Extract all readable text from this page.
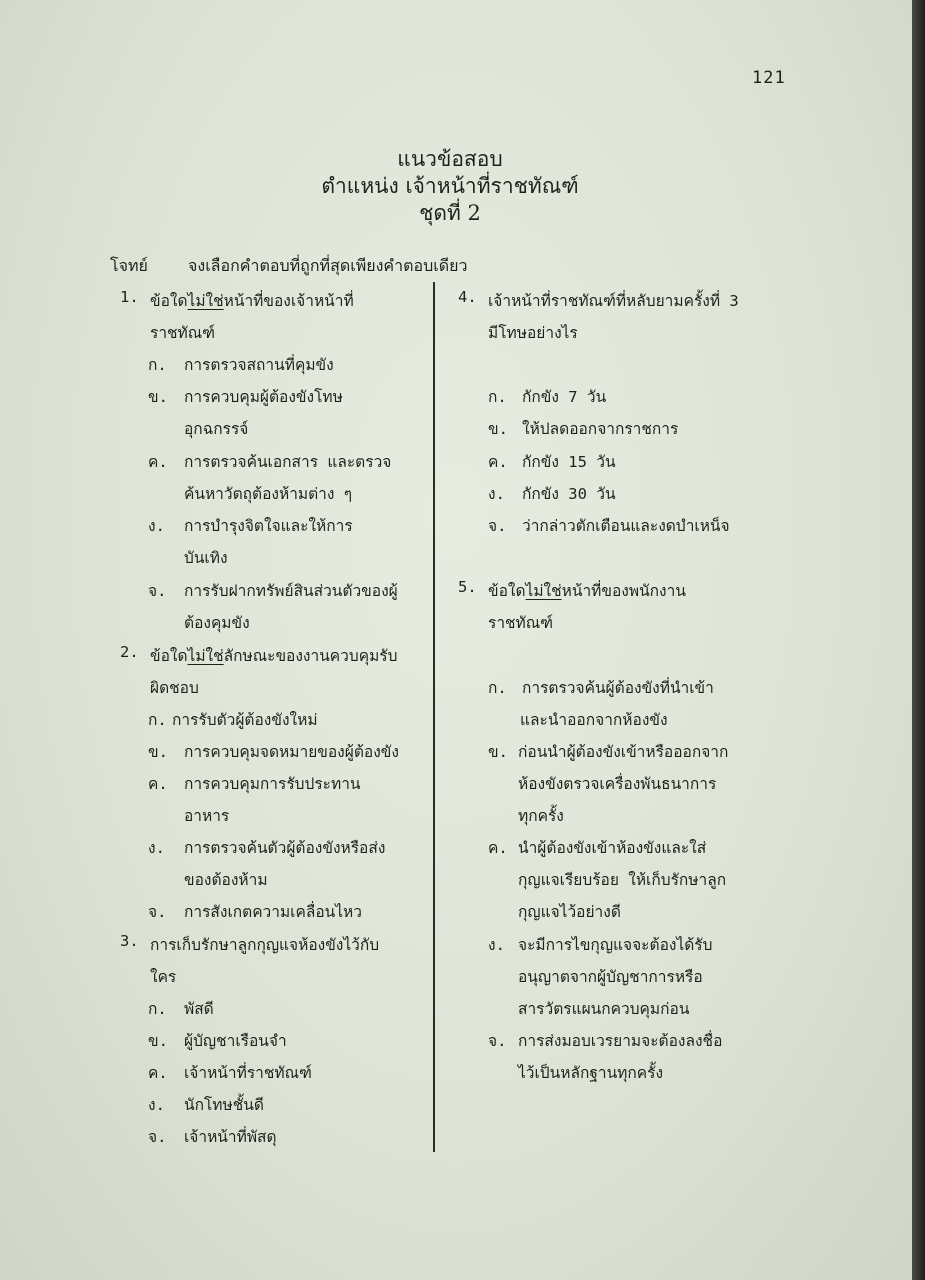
121
แนวข้อสอบ
ตำแหน่ง เจ้าหน้าที่ราชทัณฑ์
ชุดที่ 2
โจทย์	จงเลือกคำตอบที่ถูกที่สุดเพียงคำตอบเดียว
1. ข้อใดไม่ใช่หน้าที่ของเจ้าหน้าที่
ราชทัณฑ์
ก. การตรวจสถานที่คุมขัง
ข. การควบคุมผู้ต้องขังโทษ
อุกฉกรรจ์
ค. การตรวจค้นเอกสาร และตรวจ
ค้นหาวัตถุต้องห้ามต่าง ๆ
ง. การบำรุงจิตใจและให้การ
บันเทิง
จ. การรับฝากทรัพย์สินส่วนตัวของผู้
ต้องคุมขัง
2. ข้อใดไม่ใช่ลักษณะของงานควบคุมรับ
ผิดชอบ
ก. การรับตัวผู้ต้องขังใหม่
ข. การควบคุมจดหมายของผู้ต้องขัง
ค. การควบคุมการรับประทาน
อาหาร
ง. การตรวจค้นตัวผู้ต้องขังหรือส่ง
ของต้องห้าม
จ. การสังเกตความเคลื่อนไหว
3. การเก็บรักษาลูกกุญแจห้องขังไว้กับ
ใคร
ก. พัสดี
ข. ผู้บัญชาเรือนจำ
ค. เจ้าหน้าที่ราชทัณฑ์
ง. นักโทษชั้นดี
จ. เจ้าหน้าที่พัสดุ
4. เจ้าหน้าที่ราชทัณฑ์ที่หลับยามครั้งที่ 3
มีโทษอย่างไร
ก. กักขัง 7 วัน
ข. ให้ปลดออกจากราชการ
ค. กักขัง 15 วัน
ง. กักขัง 30 วัน
จ. ว่ากล่าวตักเตือนและงดบำเหน็จ
5. ข้อใดไม่ใช่หน้าที่ของพนักงาน
ราชทัณฑ์
ก. การตรวจค้นผู้ต้องขังที่นำเข้า
และนำออกจากห้องขัง
ข. ก่อนนำผู้ต้องขังเข้าหรือออกจาก
ห้องขังตรวจเครื่องพันธนาการ
ทุกครั้ง
ค. นำผู้ต้องขังเข้าห้องขังและใส่
กุญแจเรียบร้อย ให้เก็บรักษาลูก
กุญแจไว้อย่างดี
ง. จะมีการไขกุญแจจะต้องได้รับ
อนุญาตจากผู้บัญชาการหรือ
สารวัตรแผนกควบคุมก่อน
จ. การส่งมอบเวรยามจะต้องลงชื่อ
ไว้เป็นหลักฐานทุกครั้ง
